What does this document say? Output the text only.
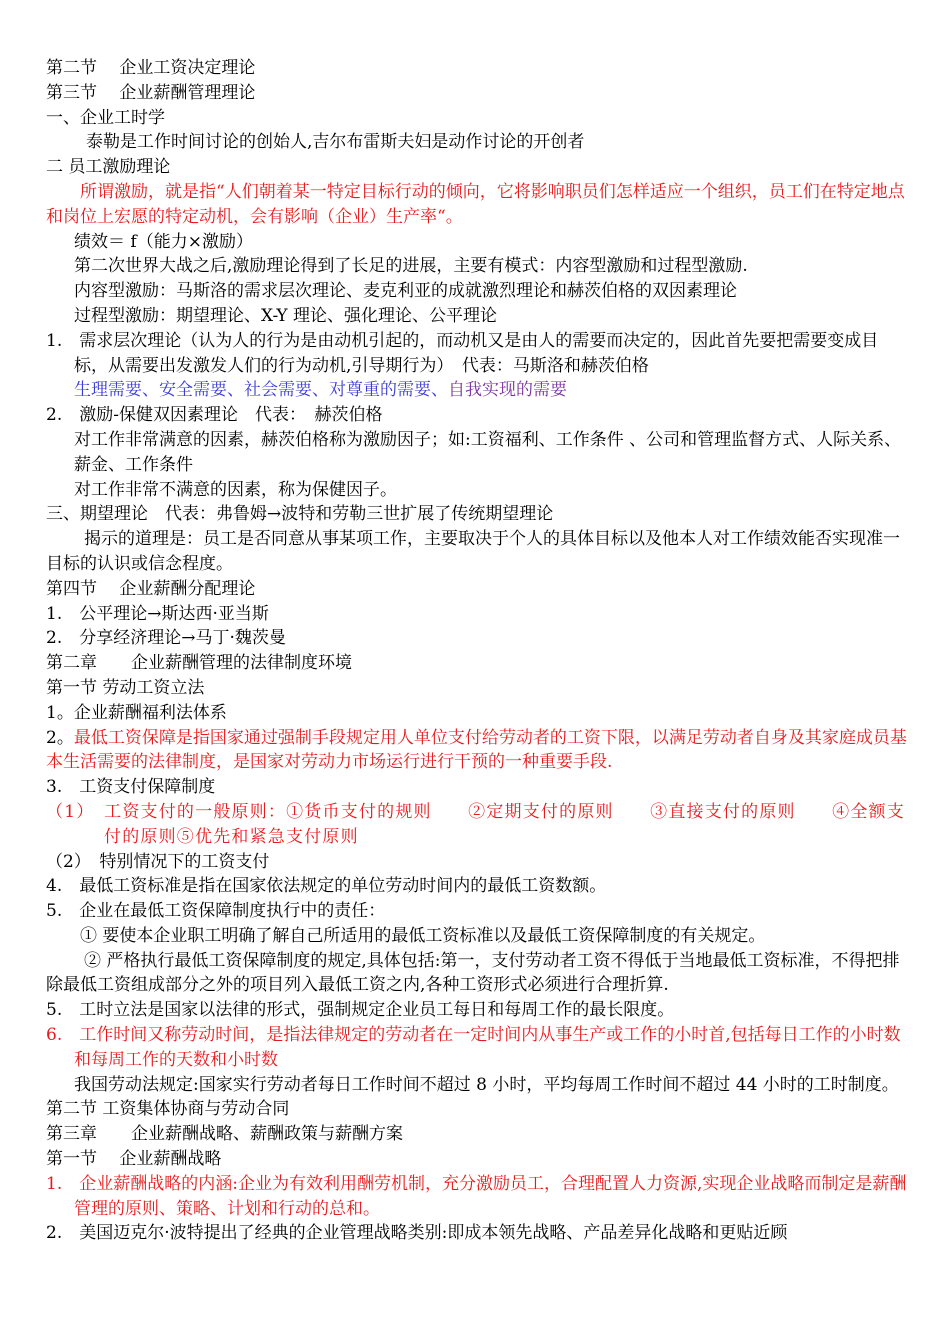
第二节　 企业工资决定理论
第三节　 企业薪酬管理理论
一、企业工时学
泰勒是工作时间讨论的创始人,吉尔布雷斯夫妇是动作讨论的开创者
二 员工激励理论
所谓激励，就是指“人们朝着某一特定目标行动的倾向，它将影响职员们怎样适应一个组织，员工们在特定地点和岗位上宏愿的特定动机，会有影响（企业）生产率“。
绩效＝ f（能力×激励）
第二次世界大战之后,激励理论得到了长足的进展，主要有模式：内容型激励和过程型激励.
内容型激励：马斯洛的需求层次理论、麦克利亚的成就激烈理论和赫茨伯格的双因素理论
过程型激励：期望理论、X-Y 理论、强化理论、公平理论
1.　需求层次理论（认为人的行为是由动机引起的，而动机又是由人的需要而决定的，因此首先要把需要变成目标，从需要出发激发人们的行为动机,引导期行为）　代表：马斯洛和赫茨伯格
生理需要、安全需要、社会需要、对尊重的需要、自我实现的需要
2.　激励-保健双因素理论　代表：　赫茨伯格
对工作非常满意的因素，赫茨伯格称为激励因子；如:工资福利、工作条件 、公司和管理监督方式、人际关系、薪金、工作条件
对工作非常不满意的因素，称为保健因子。
三、期望理论　代表：弗鲁姆→波特和劳勒三世扩展了传统期望理论
揭示的道理是：员工是否同意从事某项工作，主要取决于个人的具体目标以及他本人对工作绩效能否实现准一目标的认识或信念程度。
第四节　 企业薪酬分配理论
1.　公平理论→斯达西·亚当斯
2.　分享经济理论→马丁·魏茨曼
第二章　　企业薪酬管理的法律制度环境
第一节 劳动工资立法
1。企业薪酬福利法体系
2。最低工资保障是指国家通过强制手段规定用人单位支付给劳动者的工资下限，以满足劳动者自身及其家庭成员基本生活需要的法律制度，是国家对劳动力市场运行进行干预的一种重要手段.
3.　工资支付保障制度
（1）　工资支付的一般原则：①货币支付的规则　　②定期支付的原则　　③直接支付的原则　　④全额支付的原则⑤优先和紧急支付原则
（2）　特别情况下的工资支付
4.　最低工资标准是指在国家依法规定的单位劳动时间内的最低工资数额。
5.　企业在最低工资保障制度执行中的责任：
① 要使本企业职工明确了解自己所适用的最低工资标准以及最低工资保障制度的有关规定。
② 严格执行最低工资保障制度的规定,具体包括:第一，支付劳动者工资不得低于当地最低工资标准，不得把排除最低工资组成部分之外的项目列入最低工资之内,各种工资形式必须进行合理折算.
5.　工时立法是国家以法律的形式，强制规定企业员工每日和每周工作的最长限度。
6.　工作时间又称劳动时间，是指法律规定的劳动者在一定时间内从事生产或工作的小时首,包括每日工作的小时数和每周工作的天数和小时数
我国劳动法规定:国家实行劳动者每日工作时间不超过 8 小时，平均每周工作时间不超过 44 小时的工时制度。
第二节 工资集体协商与劳动合同
第三章　　企业薪酬战略、薪酬政策与薪酬方案
第一节　 企业薪酬战略
1.　企业薪酬战略的内涵:企业为有效利用酬劳机制，充分激励员工，合理配置人力资源,实现企业战略而制定是薪酬管理的原则、策略、计划和行动的总和。
2.　美国迈克尔·波特提出了经典的企业管理战略类别:即成本领先战略、产品差异化战略和更贴近顾
